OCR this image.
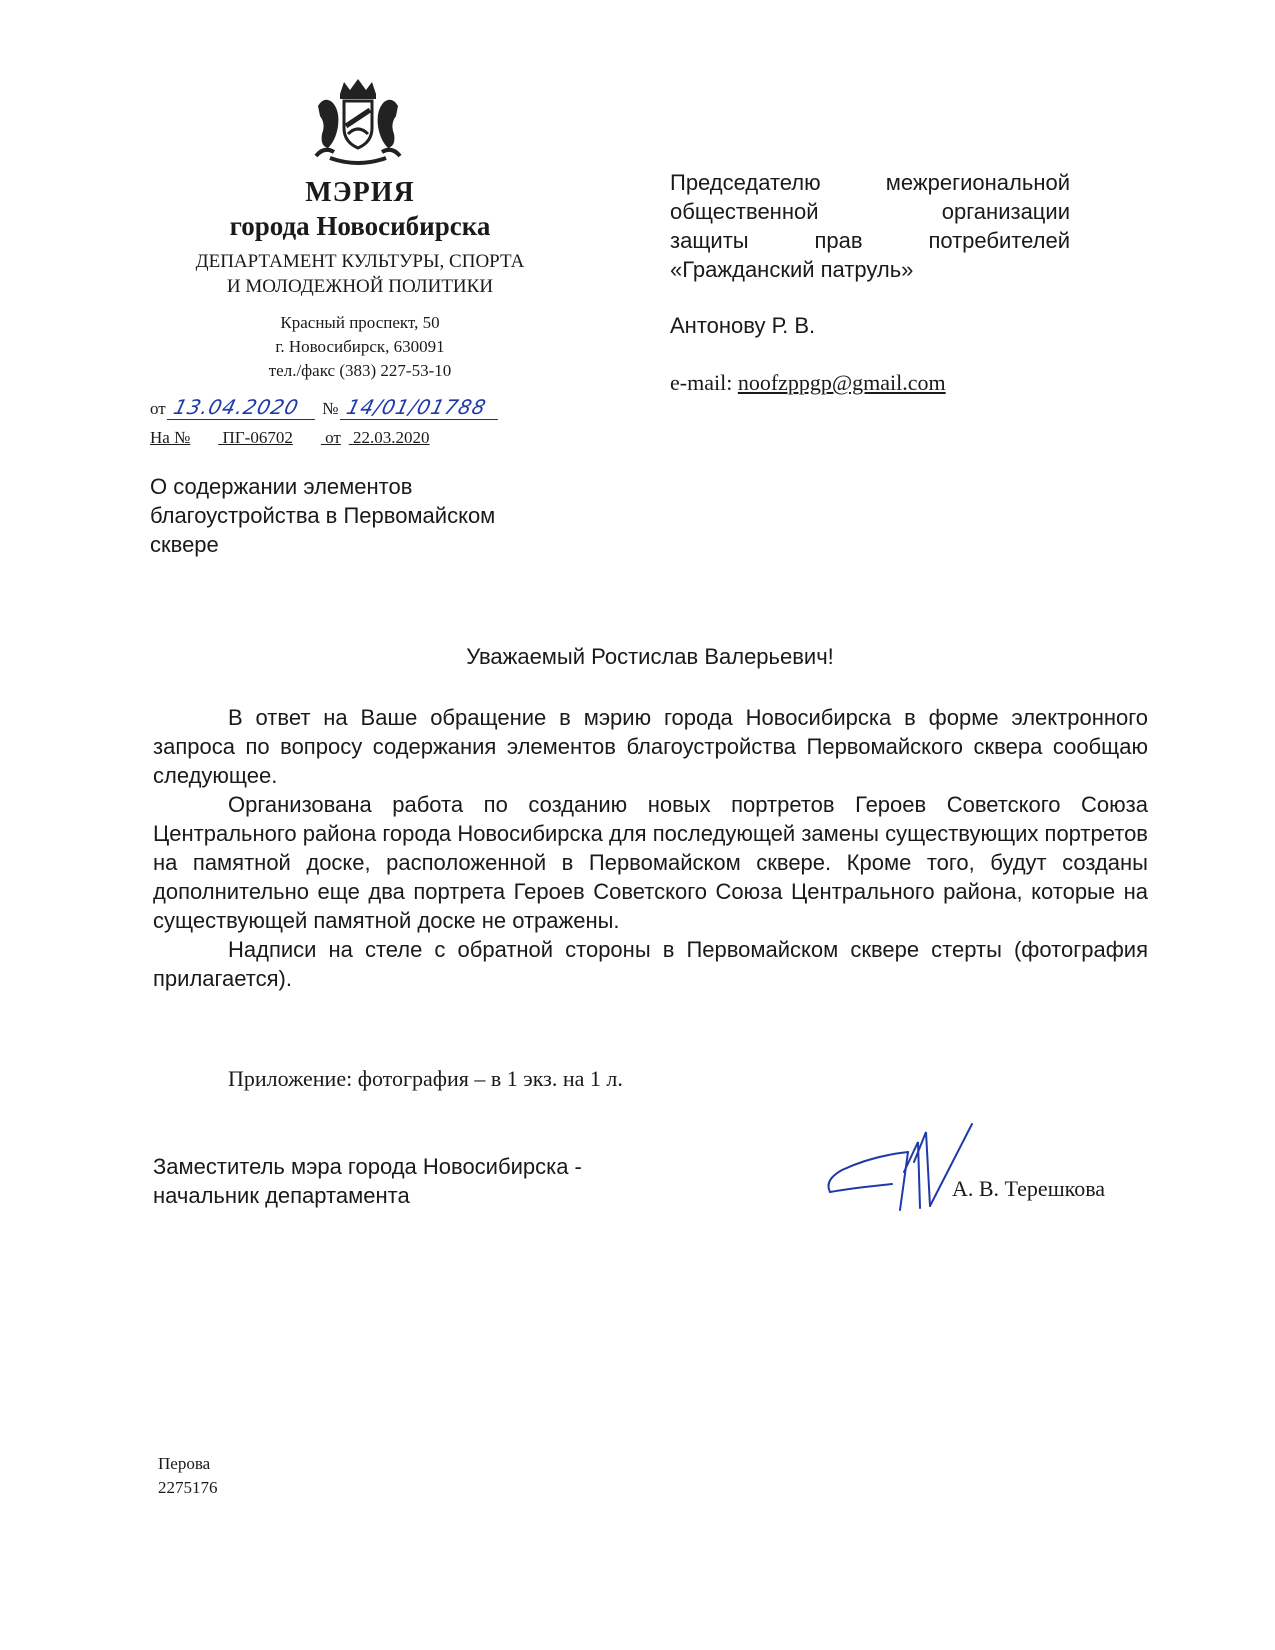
МЭРИЯ
города Новосибирска
ДЕПАРТАМЕНТ КУЛЬТУРЫ, СПОРТА
И МОЛОДЕЖНОЙ ПОЛИТИКИ
Красный проспект, 50
г. Новосибирск, 630091
тел./факс (383) 227-53-10
от 13.04.2020 № 14/01/01788
На № ПГ-06702 от 22.03.2020
О содержании элементов
благоустройства в Первомайском
сквере
Председателю межрегиональной
общественной организации
защиты прав потребителей
«Гражданский патруль»
Антонову Р. В.
e-mail: noofzppgp@gmail.com
Уважаемый Ростислав Валерьевич!

В ответ на Ваше обращение в мэрию города Новосибирска в форме электронного запроса по вопросу содержания элементов благоустройства Первомайского сквера сообщаю следующее.

Организована работа по созданию новых портретов Героев Советского Союза Центрального района города Новосибирска для последующей замены существующих портретов на памятной доске, расположенной в Первомайском сквере. Кроме того, будут созданы дополнительно еще два портрета Героев Советского Союза Центрального района, которые на существующей памятной доске не отражены.

Надписи на стеле с обратной стороны в Первомайском сквере стерты (фотография прилагается).

Приложение: фотография – в 1 экз. на 1 л.
Заместитель мэра города Новосибирска -
начальник департамента	А. В. Терешкова
Перова
2275176
